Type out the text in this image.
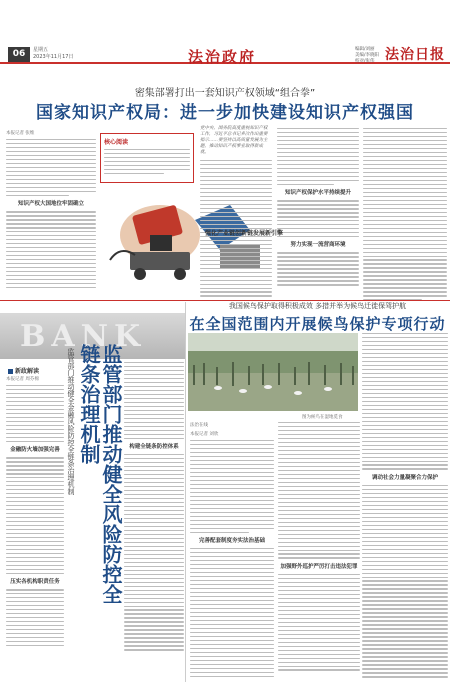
06	星期五
2023年11月17日	法治政府	编辑/刘丽
美编/李晓阳
校对/张伟 法治日报
密集部署打出一套知识产权领域“组合拳”
国家知识产权局：进一步加快建设知识产权强国
本报记者 张维
知识产权大国地位牢固确立
核心阅读
党中央、国务院高度重视知识产权工作，习近平总书记多次作出重要指示……要坚持以高质量发展为主题，推动知识产权事业取得新成就。
知识产权保护水平持续提升
努力实现一流营商环境
强化产业链创新链发展新引擎
BANK
新政解读	监管部门推动健全金融风险防控全链条治理机制	监管部门推动健全风险防控全链条治理机制
本报记者 周芬棉
金融防火墙加强完善
压实各机构职责任务
构建全链条防控体系
我国候鸟保护取得积极成效 多措并举为候鸟迁徙保驾护航
在全国范围内开展候鸟保护专项行动
调动社会力量凝聚合力保护
图为候鸟在湿地觅食
法治在线
本报记者 刘欣
完善配套制度夯实法治基础
加强野外巡护严厉打击违法犯罪
